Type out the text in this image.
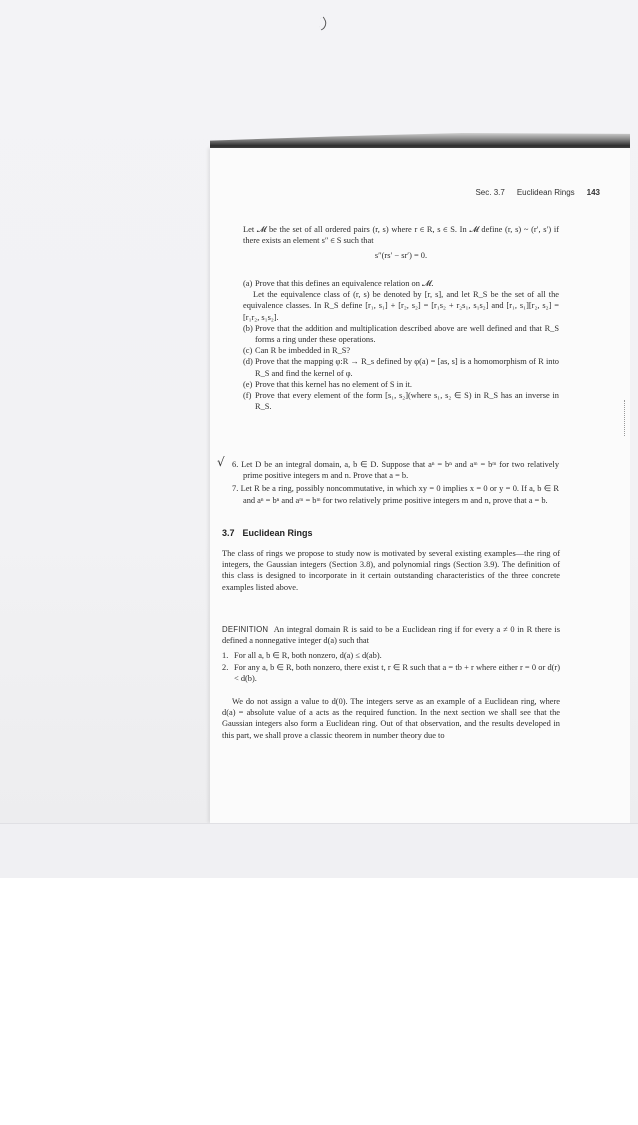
Sec. 3.7 Euclidean Rings 143

Let 𝓜 be the set of all ordered pairs (r, s) where r ∈ R, s ∈ S. In 𝓜 define (r, s) ~ (r′, s′) if there exists an element s″ ∈ S such that

s″(rs′ − sr′) = 0.

(a) Prove that this defines an equivalence relation on 𝓜.

Let the equivalence class of (r, s) be denoted by [r, s], and let R_S be the set of all the equivalence classes. In R_S define [r₁, s₁] + [r₂, s₂] = [r₁s₂ + r₂s₁, s₁s₂] and [r₁, s₁][r₂, s₂] = [r₁r₂, s₁s₂].

(b) Prove that the addition and multiplication described above are well defined and that R_S forms a ring under these operations.

(c) Can R be imbedded in R_S?

(d) Prove that the mapping φ:R → R_s defined by φ(a) = [as, s] is a homomorphism of R into R_S and find the kernel of φ.

(e) Prove that this kernel has no element of S in it.

(f) Prove that every element of the form [s₁, s₂](where s₁, s₂ ∈ S) in R_S has an inverse in R_S.

√ 6. Let D be an integral domain, a, b ∈ D. Suppose that aⁿ = bⁿ and aᵐ = bᵐ for two relatively prime positive integers m and n. Prove that a = b.

7. Let R be a ring, possibly noncommutative, in which xy = 0 implies x = 0 or y = 0. If a, b ∈ R and aⁿ = bⁿ and aᵐ = bᵐ for two relatively prime positive integers m and n, prove that a = b.

3.7 Euclidean Rings

The class of rings we propose to study now is motivated by several existing examples—the ring of integers, the Gaussian integers (Section 3.8), and polynomial rings (Section 3.9). The definition of this class is designed to incorporate in it certain outstanding characteristics of the three concrete examples listed above.

DEFINITION An integral domain R is said to be a Euclidean ring if for every a ≠ 0 in R there is defined a nonnegative integer d(a) such that

1. For all a, b ∈ R, both nonzero, d(a) ≤ d(ab).

2. For any a, b ∈ R, both nonzero, there exist t, r ∈ R such that a = tb + r where either r = 0 or d(r) < d(b).

We do not assign a value to d(0). The integers serve as an example of a Euclidean ring, where d(a) = absolute value of a acts as the required function. In the next section we shall see that the Gaussian integers also form a Euclidean ring. Out of that observation, and the results developed in this part, we shall prove a classic theorem in number theory due to
